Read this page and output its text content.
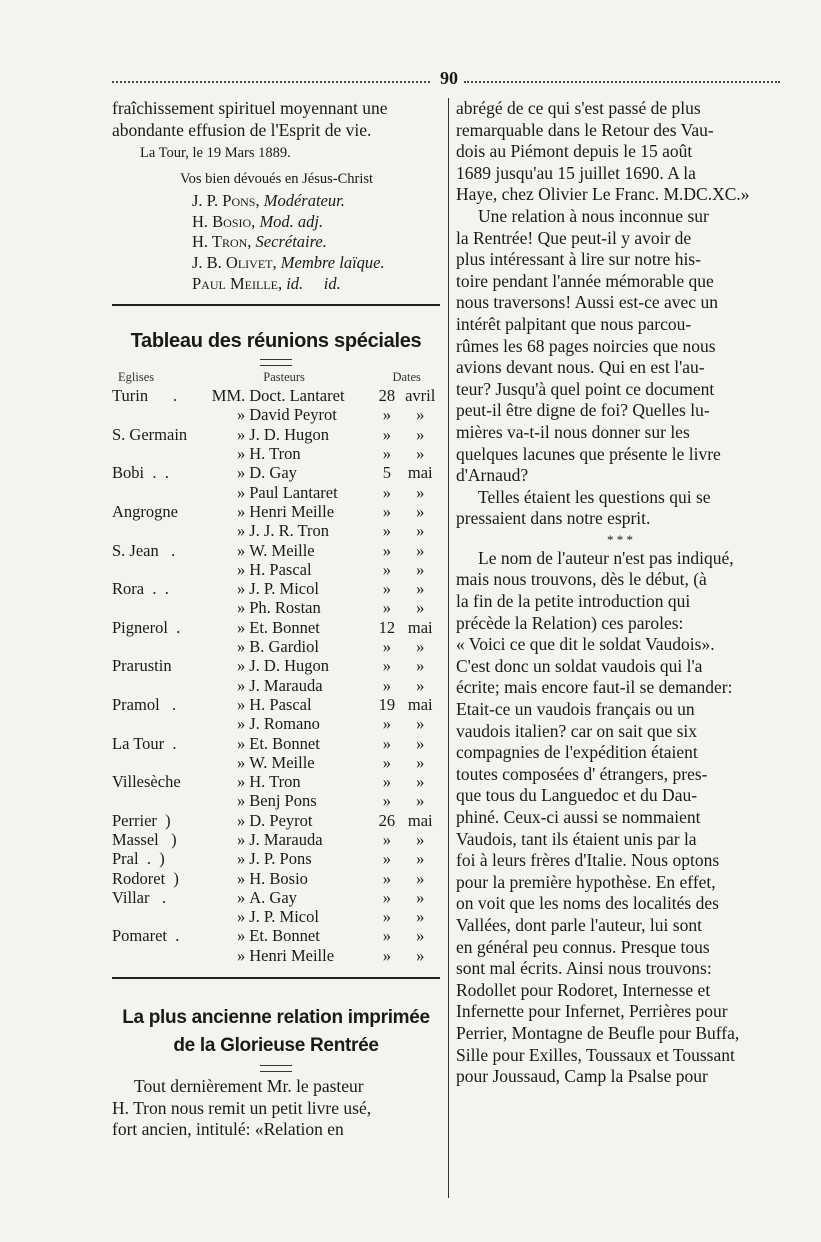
90
fraîchissement spirituel moyennant une
abondante effusion de l'Esprit de vie.
La Tour, le 19 Mars 1889.
Vos bien dévoués en Jésus-Christ
J. P. Pons, Modérateur.
H. Bosio, Mod. adj.
H. Tron, Secrétaire.
J. B. Olivet, Membre laïque.
Paul Meille, id.     id.
Tableau des réunions spéciales
Eglises		Pasteurs	Dates	
Turin      .	MM.	Doct. Lantaret	28	avril
	»	David Peyrot	»	»
S. Germain	»	J. D. Hugon	»	»
	»	H. Tron	»	»
Bobi  .  .	»	D. Gay	5	mai
	»	Paul Lantaret	»	»
Angrogne	»	Henri Meille	»	»
	»	J. J. R. Tron	»	»
S. Jean   .	»	W. Meille	»	»
	»	H. Pascal	»	»
Rora  .  .	»	J. P. Micol	»	»
	»	Ph. Rostan	»	»
Pignerol  .	»	Et. Bonnet	12	mai
	»	B. Gardiol	»	»
Prarustin	»	J. D. Hugon	»	»
	»	J. Marauda	»	»
Pramol   .	»	H. Pascal	19	mai
	»	J. Romano	»	»
La Tour  .	»	Et. Bonnet	»	»
	»	W. Meille	»	»
Villesèche	»	H. Tron	»	»
	»	Benj Pons	»	»
Perrier  )	»	D. Peyrot	26	mai
Massel   )	»	J. Marauda	»	»
Pral  .  )	»	J. P. Pons	»	»
Rodoret  )	»	H. Bosio	»	»
Villar   .	»	A. Gay	»	»
	»	J. P. Micol	»	»
Pomaret  .	»	Et. Bonnet	»	»
	»	Henri Meille	»	»
La plus ancienne relation imprimée
de la Glorieuse Rentrée
Tout dernièrement Mr. le pasteur
H. Tron nous remit un petit livre usé,
fort ancien, intitulé: «Relation en
abrégé de ce qui s'est passé de plus
remarquable dans le Retour des Vau-
dois au Piémont depuis le 15 août
1689 jusqu'au 15 juillet 1690. A la
Haye, chez Olivier Le Franc. M.DC.XC.»
Une relation à nous inconnue sur
la Rentrée! Que peut-il y avoir de
plus intéressant à lire sur notre his-
toire pendant l'année mémorable que
nous traversons! Aussi est-ce avec un
intérêt palpitant que nous parcou-
rûmes les 68 pages noircies que nous
avions devant nous. Qui en est l'au-
teur? Jusqu'à quel point ce document
peut-il être digne de foi? Quelles lu-
mières va-t-il nous donner sur les
quelques lacunes que présente le livre
d'Arnaud?
Telles étaient les questions qui se
pressaient dans notre esprit.
* * *
Le nom de l'auteur n'est pas indiqué,
mais nous trouvons, dès le début, (à
la fin de la petite introduction qui
précède la Relation) ces paroles:
« Voici ce que dit le soldat Vaudois».
C'est donc un soldat vaudois qui l'a
écrite; mais encore faut-il se demander:
Etait-ce un vaudois français ou un
vaudois italien? car on sait que six
compagnies de l'expédition étaient
toutes composées d' étrangers, pres-
que tous du Languedoc et du Dau-
phiné. Ceux-ci aussi se nommaient
Vaudois, tant ils étaient unis par la
foi à leurs frères d'Italie. Nous optons
pour la première hypothèse. En effet,
on voit que les noms des localités des
Vallées, dont parle l'auteur, lui sont
en général peu connus. Presque tous
sont mal écrits. Ainsi nous trouvons:
Rodollet pour Rodoret, Internesse et
Infernette pour Infernet, Perrières pour
Perrier, Montagne de Beufle pour Buffa,
Sille pour Exilles, Toussaux et Toussant
pour Joussaud, Camp la Psalse pour
